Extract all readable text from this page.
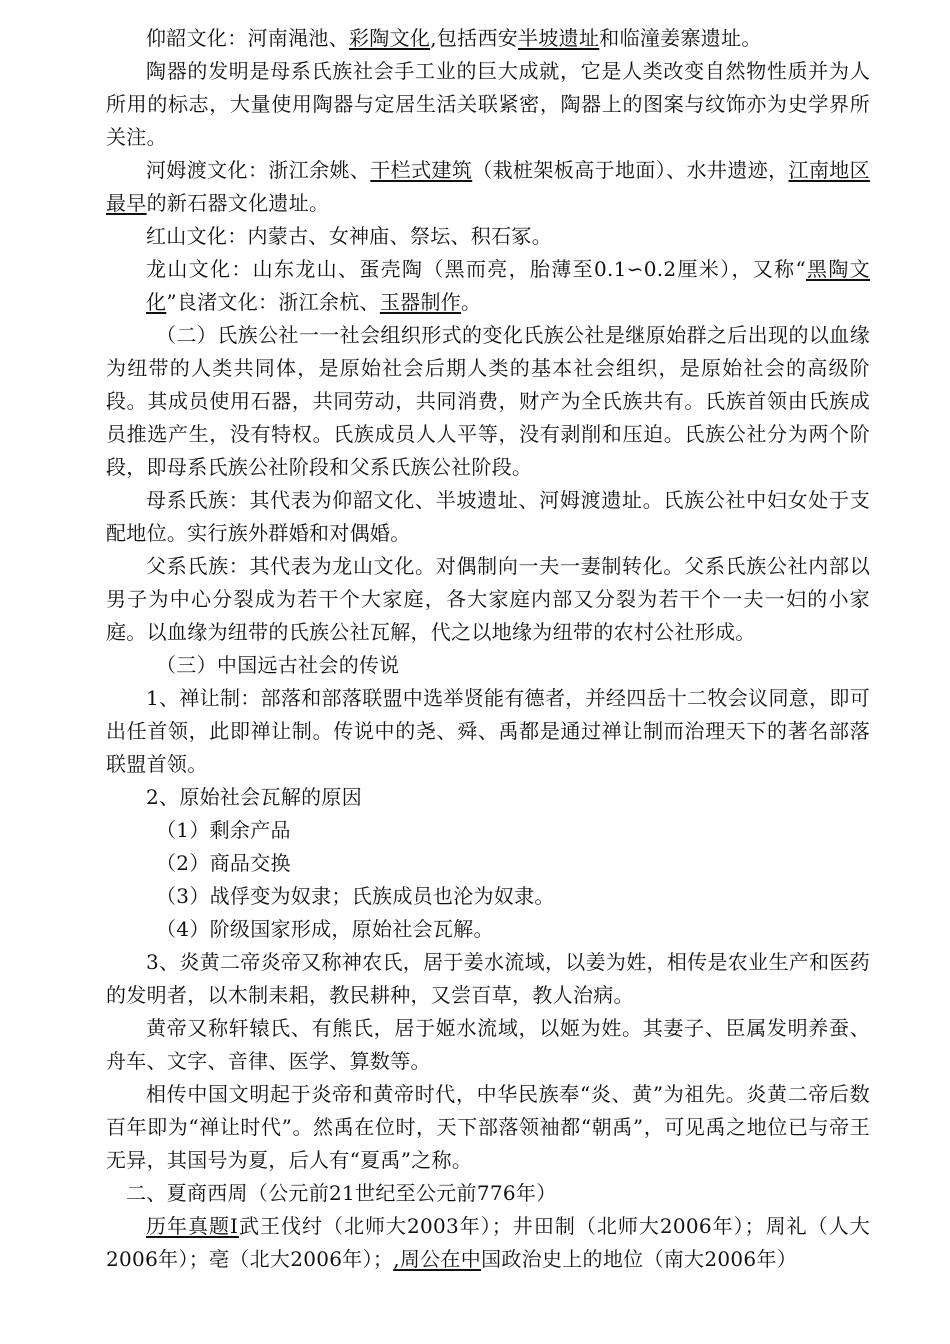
仰韶文化：河南渑池、彩陶文化,包括西安半坡遗址和临潼姜寨遗址。

陶器的发明是母系氏族社会手工业的巨大成就，它是人类改变自然物性质并为人所用的标志，大量使用陶器与定居生活关联紧密，陶器上的图案与纹饰亦为史学界所关注。

河姆渡文化：浙江余姚、干栏式建筑（栽桩架板高于地面）、水井遗迹，江南地区最早的新石器文化遗址。

红山文化：内蒙古、女神庙、祭坛、积石冢。

龙山文化：山东龙山、蛋壳陶（黑而亮，胎薄至0.1∽0.2厘米），又称“黑陶文化”良渚文化：浙江余杭、玉器制作。

（二）氏族公社一一社会组织形式的变化氏族公社是继原始群之后出现的以血缘为纽带的人类共同体，是原始社会后期人类的基本社会组织，是原始社会的高级阶段。其成员使用石器，共同劳动，共同消费，财产为全氏族共有。氏族首领由氏族成员推选产生，没有特权。氏族成员人人平等，没有剥削和压迫。氏族公社分为两个阶段，即母系氏族公社阶段和父系氏族公社阶段。

母系氏族：其代表为仰韶文化、半坡遗址、河姆渡遗址。氏族公社中妇女处于支配地位。实行族外群婚和对偶婚。

父系氏族：其代表为龙山文化。对偶制向一夫一妻制转化。父系氏族公社内部以男子为中心分裂成为若干个大家庭，各大家庭内部又分裂为若干个一夫一妇的小家庭。以血缘为纽带的氏族公社瓦解，代之以地缘为纽带的农村公社形成。

（三）中国远古社会的传说

1、禅让制：部落和部落联盟中选举贤能有德者，并经四岳十二牧会议同意，即可出任首领，此即禅让制。传说中的尧、舜、禹都是通过禅让制而治理天下的著名部落联盟首领。

2、原始社会瓦解的原因

（1）剩余产品

（2）商品交换

（3）战俘变为奴隶；氏族成员也沦为奴隶。

（4）阶级国家形成，原始社会瓦解。

3、炎黄二帝炎帝又称神农氏，居于姜水流域，以姜为姓，相传是农业生产和医药的发明者，以木制耒耜，教民耕种，又尝百草，教人治病。

黄帝又称轩辕氏、有熊氏，居于姬水流域，以姬为姓。其妻子、臣属发明养蚕、舟车、文字、音律、医学、算数等。

相传中国文明起于炎帝和黄帝时代，中华民族奉“炎、黄”为祖先。炎黄二帝后数百年即为“禅让时代”。然禹在位时，天下部落领袖都“朝禹”，可见禹之地位已与帝王无异，其国号为夏，后人有“夏禹”之称。

二、夏商西周（公元前21世纪至公元前776年）

历年真题Ⅰ武王伐纣（北师大2003年）；井田制（北师大2006年）；周礼（人大2006年）；亳（北大2006年）；,周公在中国政治史上的地位（南大2006年）
